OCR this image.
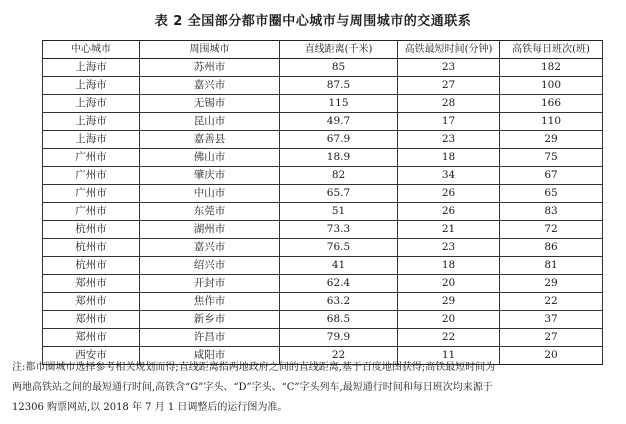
表 2 全国部分都市圈中心城市与周围城市的交通联系
中心城市	周围城市	直线距离(千米)	高铁最短时间(分钟)	高铁每日班次(班)
上海市	苏州市	85	23	182
上海市	嘉兴市	87.5	27	100
上海市	无锡市	115	28	166
上海市	昆山市	49.7	17	110
上海市	嘉善县	67.9	23	29
广州市	佛山市	18.9	18	75
广州市	肇庆市	82	34	67
广州市	中山市	65.7	26	65
广州市	东莞市	51	26	83
杭州市	湖州市	73.3	21	72
杭州市	嘉兴市	76.5	23	86
杭州市	绍兴市	41	18	81
郑州市	开封市	62.4	20	29
郑州市	焦作市	63.2	29	22
郑州市	新乡市	68.5	20	37
郑州市	许昌市	79.9	22	27
西安市	咸阳市	22	11	20
注:都市圈城市选择参考相关规划而得;直线距离指两地政府之间的直线距离,基于百度地图获得;高铁最短时间为
两地高铁站之间的最短通行时间,高铁含“G”字头、“D”字头、“C”字头列车,最短通行时间和每日班次均来源于
12306 购票网站,以 2018 年 7 月 1 日调整后的运行图为准。
